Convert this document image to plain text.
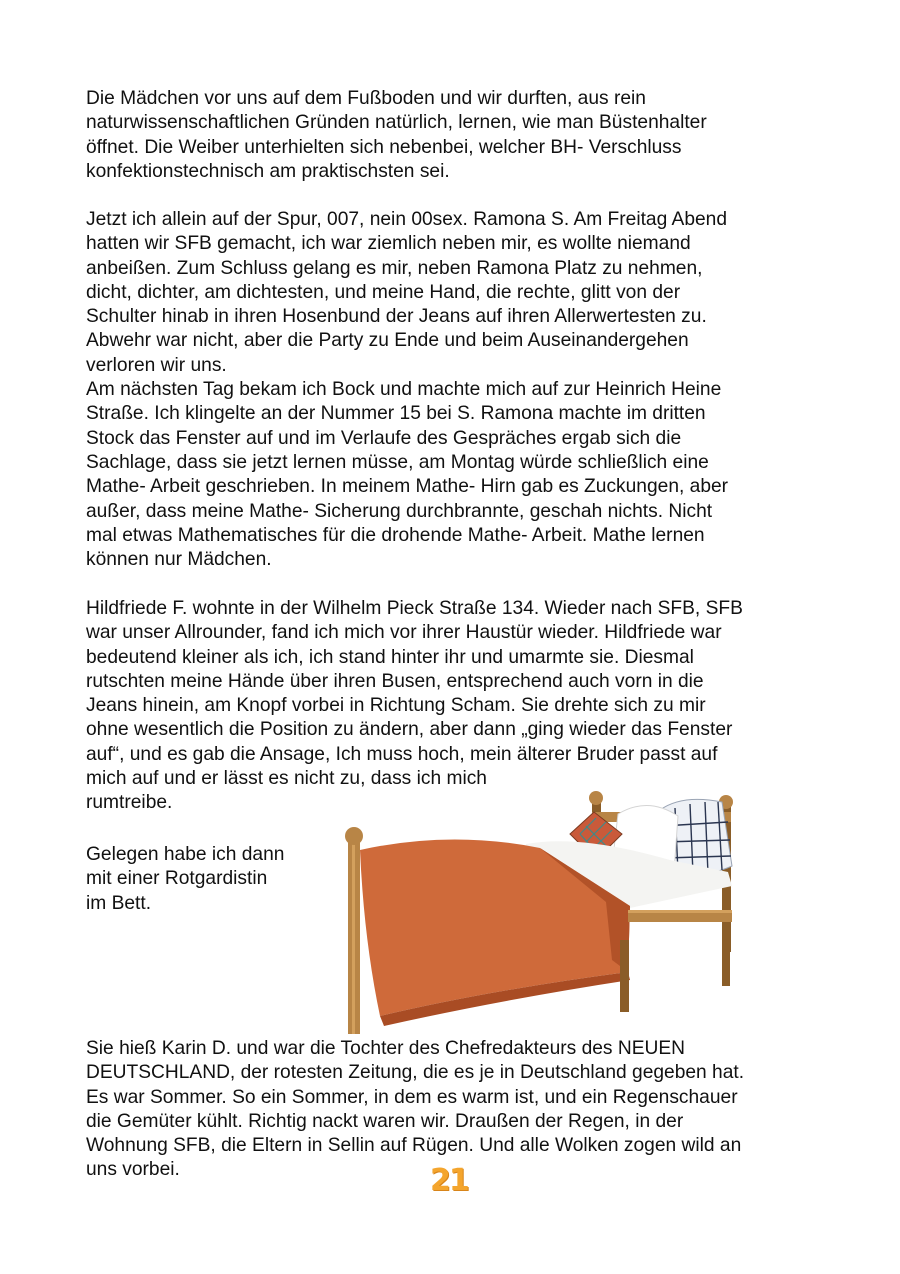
Die Mädchen vor uns auf dem Fußboden und wir durften, aus rein
naturwissenschaftlichen Gründen natürlich, lernen, wie man Büstenhalter
öffnet. Die Weiber unterhielten sich nebenbei, welcher BH- Verschluss
konfektionstechnisch am praktischsten sei.
Jetzt ich allein auf der Spur, 007, nein 00sex. Ramona S. Am Freitag Abend
hatten wir SFB gemacht, ich war ziemlich neben mir, es wollte niemand
anbeißen. Zum Schluss gelang es mir, neben Ramona Platz zu nehmen,
dicht, dichter, am dichtesten, und meine Hand, die rechte, glitt von der
Schulter hinab in ihren Hosenbund der Jeans auf ihren Allerwertesten zu.
Abwehr war nicht, aber die Party zu Ende und beim Auseinandergehen
verloren wir uns.
Am nächsten Tag bekam ich Bock und machte mich auf zur Heinrich Heine
Straße. Ich klingelte an der Nummer 15 bei S. Ramona machte im dritten
Stock das Fenster auf und im Verlaufe des Gespräches ergab sich die
Sachlage, dass sie jetzt lernen müsse, am Montag würde schließlich eine
Mathe- Arbeit geschrieben. In meinem Mathe- Hirn gab es Zuckungen, aber
außer, dass meine Mathe- Sicherung durchbrannte, geschah nichts. Nicht
mal etwas Mathematisches für die drohende Mathe- Arbeit. Mathe lernen
können nur Mädchen.
Hildfriede F. wohnte in der Wilhelm Pieck Straße 134. Wieder nach SFB, SFB
war unser Allrounder, fand ich mich vor ihrer Haustür wieder. Hildfriede war
bedeutend kleiner als ich, ich stand hinter ihr und umarmte sie. Diesmal
rutschten meine Hände über ihren Busen, entsprechend auch vorn in die
Jeans hinein, am Knopf vorbei in Richtung Scham. Sie drehte sich zu mir
ohne wesentlich die Position zu ändern, aber dann „ging wieder das Fenster
auf“, und es gab die Ansage, Ich muss hoch, mein älterer Bruder passt auf
mich auf und er lässt es nicht zu, dass ich mich
rumtreibe.
Gelegen habe ich dann
mit einer Rotgardistin
im Bett.
Sie hieß Karin D. und war die Tochter des Chefredakteurs des NEUEN
DEUTSCHLAND, der rotesten Zeitung, die es je in Deutschland gegeben hat.
Es war Sommer. So ein Sommer, in dem es warm ist, und ein Regenschauer
die Gemüter kühlt. Richtig nackt waren wir. Draußen der Regen, in der
Wohnung SFB, die Eltern in Sellin auf Rügen. Und alle Wolken zogen wild an
uns vorbei.	21
